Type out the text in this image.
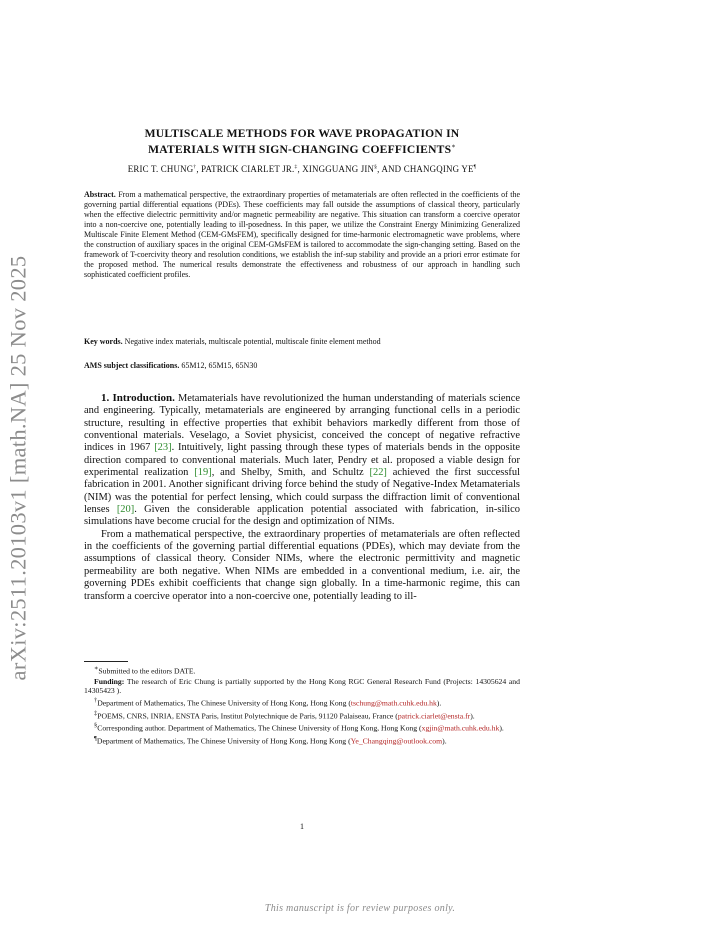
arXiv:2511.20103v1 [math.NA] 25 Nov 2025
MULTISCALE METHODS FOR WAVE PROPAGATION IN
MATERIALS WITH SIGN-CHANGING COEFFICIENTS∗
ERIC T. CHUNG†, PATRICK CIARLET JR.‡, XINGGUANG JIN§, AND CHANGQING YE¶
Abstract. From a mathematical perspective, the extraordinary properties of metamaterials are often reflected in the coefficients of the governing partial differential equations (PDEs). These coefficients may fall outside the assumptions of classical theory, particularly when the effective dielectric permittivity and/or magnetic permeability are negative. This situation can transform a coercive operator into a non-coercive one, potentially leading to ill-posedness. In this paper, we utilize the Constraint Energy Minimizing Generalized Multiscale Finite Element Method (CEM-GMsFEM), specifically designed for time-harmonic electromagnetic wave problems, where the construction of auxiliary spaces in the original CEM-GMsFEM is tailored to accommodate the sign-changing setting. Based on the framework of T-coercivity theory and resolution conditions, we establish the inf-sup stability and provide an a priori error estimate for the proposed method. The numerical results demonstrate the effectiveness and robustness of our approach in handling such sophisticated coefficient profiles.
Key words. Negative index materials, multiscale potential, multiscale finite element method
AMS subject classifications. 65M12, 65M15, 65N30

1. Introduction. Metamaterials have revolutionized the human understanding of materials science and engineering. Typically, metamaterials are engineered by arranging functional cells in a periodic structure, resulting in effective properties that exhibit behaviors markedly different from those of conventional materials. Veselago, a Soviet physicist, conceived the concept of negative refractive indices in 1967 [23]. Intuitively, light passing through these types of materials bends in the opposite direction compared to conventional materials. Much later, Pendry et al. proposed a viable design for experimental realization [19], and Shelby, Smith, and Schultz [22] achieved the first successful fabrication in 2001. Another significant driving force behind the study of Negative-Index Metamaterials (NIM) was the potential for perfect lensing, which could surpass the diffraction limit of conventional lenses [20]. Given the considerable application potential associated with fabrication, in-silico simulations have become crucial for the design and optimization of NIMs.

From a mathematical perspective, the extraordinary properties of metamaterials are often reflected in the coefficients of the governing partial differential equations (PDEs), which may deviate from the assumptions of classical theory. Consider NIMs, where the electronic permittivity and magnetic permeability are both negative. When NIMs are embedded in a conventional medium, i.e. air, the governing PDEs exhibit coefficients that change sign globally. In a time-harmonic regime, this can transform a coercive operator into a non-coercive one, potentially leading to ill-

∗Submitted to the editors DATE.
Funding: The research of Eric Chung is partially supported by the Hong Kong RGC General Research Fund (Projects: 14305624 and 14305423 ).
†Department of Mathematics, The Chinese University of Hong Kong, Hong Kong (tschung@math.cuhk.edu.hk).
‡POEMS, CNRS, INRIA, ENSTA Paris, Institut Polytechnique de Paris, 91120 Palaiseau, France (patrick.ciarlet@ensta.fr).
§Corresponding author. Department of Mathematics, The Chinese University of Hong Kong, Hong Kong (xgjin@math.cuhk.edu.hk).
¶Department of Mathematics, The Chinese University of Hong Kong, Hong Kong (Ye_Changqing@outlook.com).
1
This manuscript is for review purposes only.
